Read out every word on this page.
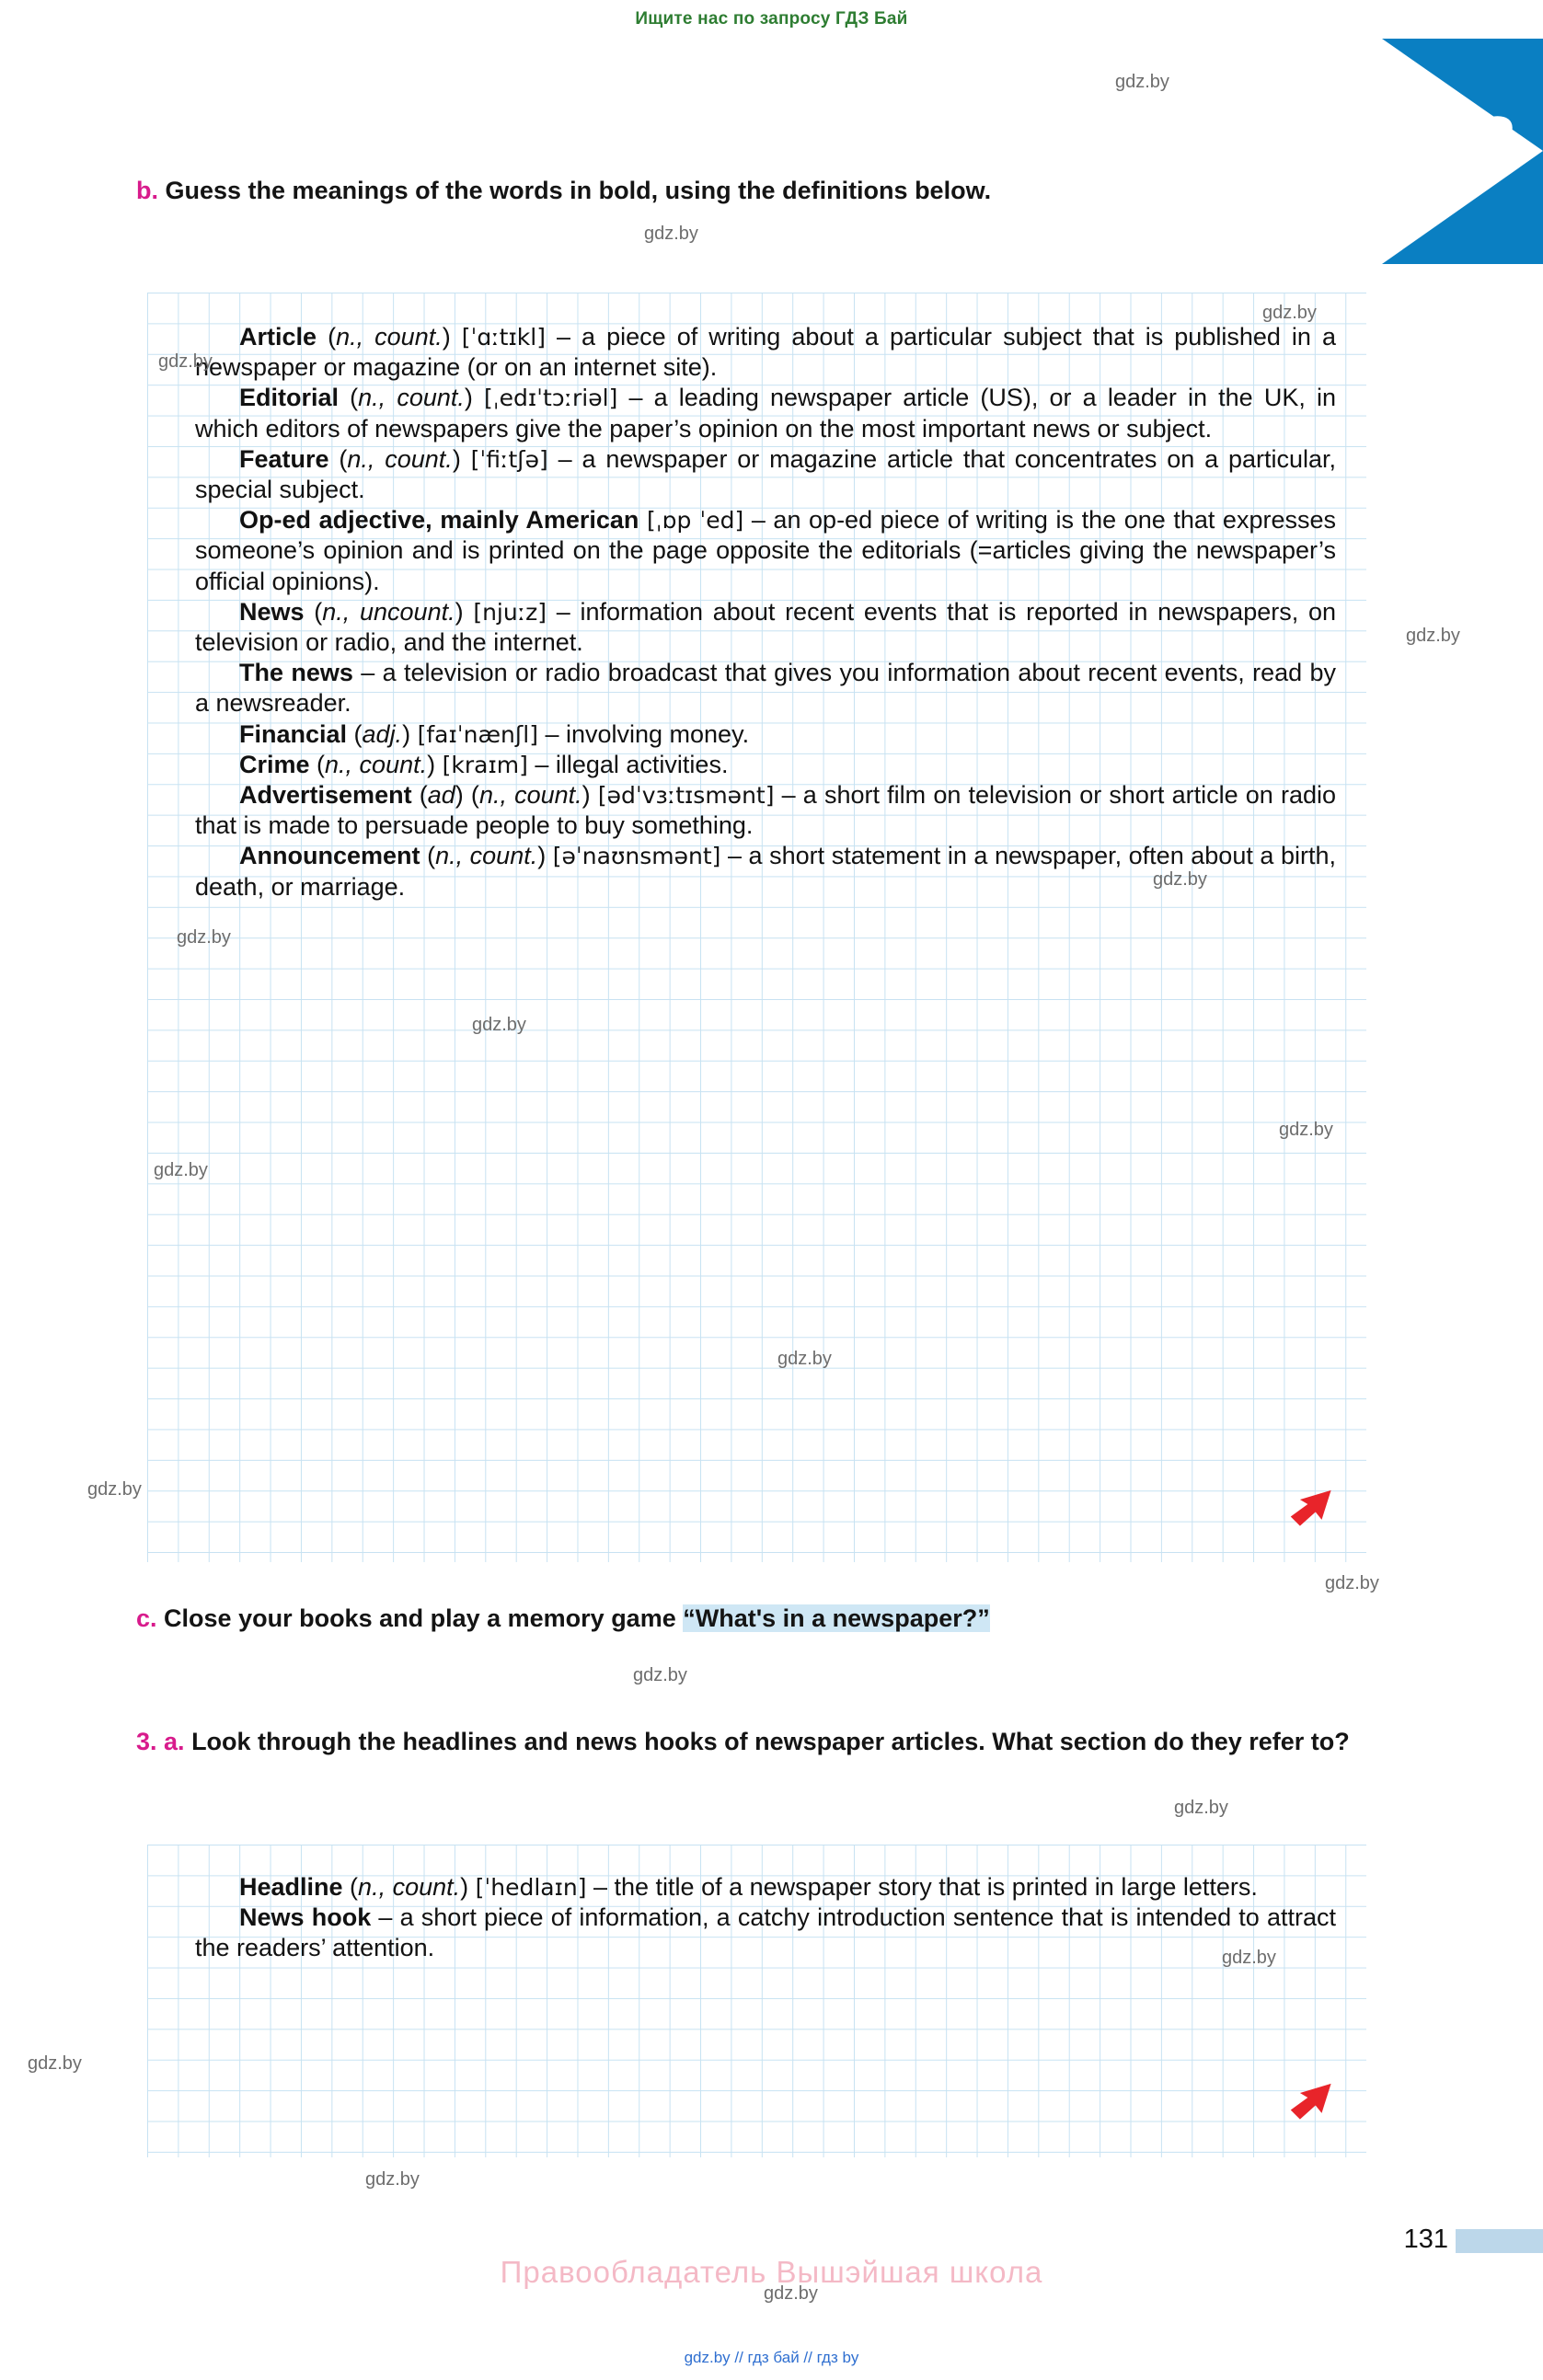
Ищите нас по запросу ГДЗ Бай
8
b. Guess the meanings of the words in bold, using the definitions below.

Article (n., count.) [ˈɑːtɪkl] – a piece of writing about a particular subject that is published in a newspaper or magazine (or on an internet site).

Editorial (n., count.) [ˌedɪˈtɔːriəl] – a leading newspaper article (US), or a leader in the UK, in which editors of newspapers give the paper’s opinion on the most important news or subject.

Feature (n., count.) [ˈfiːtʃə] – a newspaper or magazine article that concentrates on a particular, special subject.

Op-ed adjective, mainly American [ˌɒp ˈed] – an op-ed piece of writing is the one that expresses someone’s opinion and is printed on the page opposite the editorials (=articles giving the newspaper’s official opinions).

News (n., uncount.) [njuːz] – information about recent events that is reported in newspapers, on television or radio, and the internet.

The news – a television or radio broadcast that gives you information about recent events, read by a newsreader.

Financial (adj.) [faɪˈnænʃl] – involving money.

Crime (n., count.) [kraɪm] – illegal activities.

Advertisement (ad) (n., count.) [ədˈvɜːtɪsmənt] – a short film on television or short article on radio that is made to persuade people to buy something.

Announcement (n., count.) [əˈnaʊnsmənt] – a short statement in a newspaper, often about a birth, death, or marriage.

c. Close your books and play a memory game “What's in a newspaper?”
3. a. Look through the headlines and news hooks of newspaper articles. What section do they refer to?

Headline (n., count.) [ˈhedlaɪn] – the title of a newspaper story that is printed in large letters.

News hook – a short piece of information, a catchy introduction sentence that is intended to attract the readers’ attention.

131
Правообладатель Вышэйшая школа
gdz.by // гдз бай // гдз by
gdz.by
gdz.by
gdz.by
gdz.by
gdz.by
gdz.by
gdz.by
gdz.by
gdz.by
gdz.by
gdz.by
gdz.by
gdz.by
gdz.by
gdz.by
gdz.by
gdz.by
gdz.by
gdz.by
